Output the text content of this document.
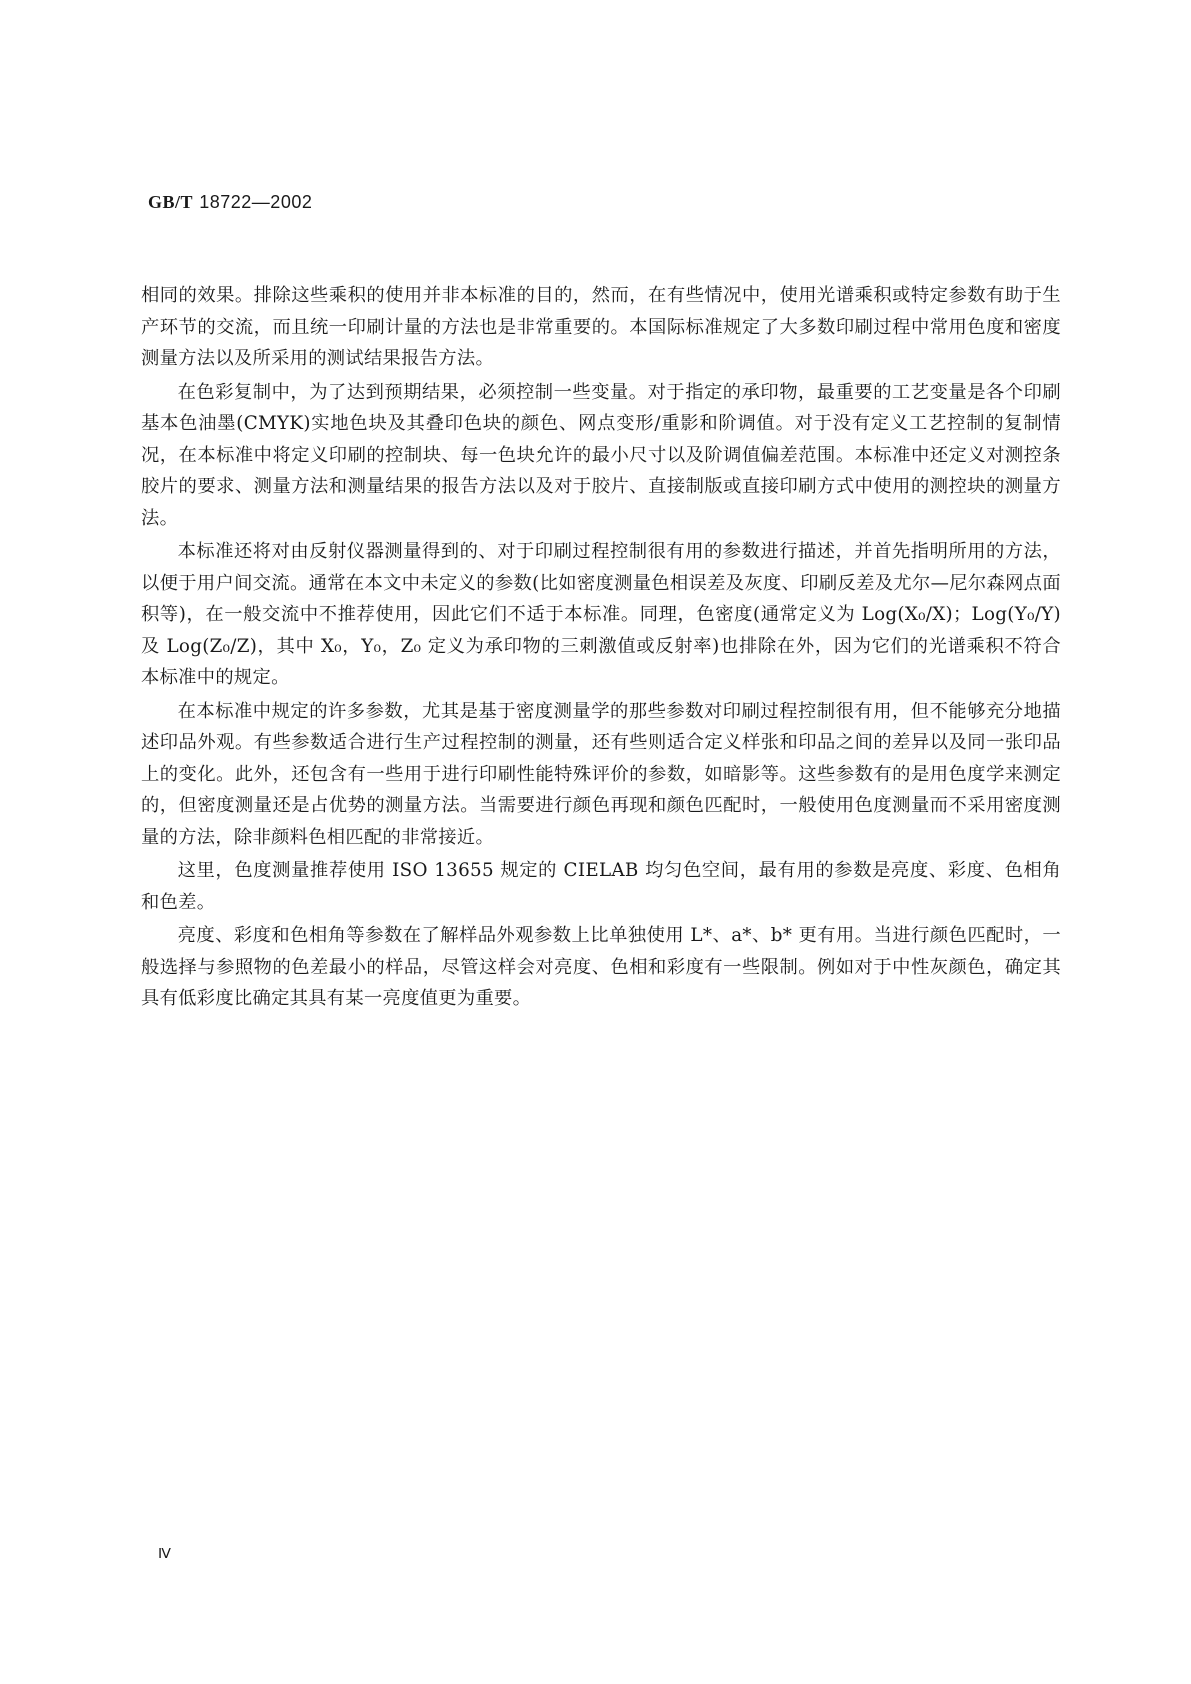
GB/T 18722—2002

相同的效果。排除这些乘积的使用并非本标准的目的，然而，在有些情况中，使用光谱乘积或特定参数有助于生产环节的交流，而且统一印刷计量的方法也是非常重要的。本国际标准规定了大多数印刷过程中常用色度和密度测量方法以及所采用的测试结果报告方法。

在色彩复制中，为了达到预期结果，必须控制一些变量。对于指定的承印物，最重要的工艺变量是各个印刷基本色油墨(CMYK)实地色块及其叠印色块的颜色、网点变形/重影和阶调值。对于没有定义工艺控制的复制情况，在本标准中将定义印刷的控制块、每一色块允许的最小尺寸以及阶调值偏差范围。本标准中还定义对测控条胶片的要求、测量方法和测量结果的报告方法以及对于胶片、直接制版或直接印刷方式中使用的测控块的测量方法。

本标准还将对由反射仪器测量得到的、对于印刷过程控制很有用的参数进行描述，并首先指明所用的方法，以便于用户间交流。通常在本文中未定义的参数(比如密度测量色相误差及灰度、印刷反差及尤尔—尼尔森网点面积等)，在一般交流中不推荐使用，因此它们不适于本标准。同理，色密度(通常定义为 Log(X₀/X)；Log(Y₀/Y)及 Log(Z₀/Z)，其中 X₀，Y₀，Z₀ 定义为承印物的三刺激值或反射率)也排除在外，因为它们的光谱乘积不符合本标准中的规定。

在本标准中规定的许多参数，尤其是基于密度测量学的那些参数对印刷过程控制很有用，但不能够充分地描述印品外观。有些参数适合进行生产过程控制的测量，还有些则适合定义样张和印品之间的差异以及同一张印品上的变化。此外，还包含有一些用于进行印刷性能特殊评价的参数，如暗影等。这些参数有的是用色度学来测定的，但密度测量还是占优势的测量方法。当需要进行颜色再现和颜色匹配时，一般使用色度测量而不采用密度测量的方法，除非颜料色相匹配的非常接近。

这里，色度测量推荐使用 ISO 13655 规定的 CIELAB 均匀色空间，最有用的参数是亮度、彩度、色相角和色差。

亮度、彩度和色相角等参数在了解样品外观参数上比单独使用 L*、a*、b* 更有用。当进行颜色匹配时，一般选择与参照物的色差最小的样品，尽管这样会对亮度、色相和彩度有一些限制。例如对于中性灰颜色，确定其具有低彩度比确定其具有某一亮度值更为重要。

Ⅳ
